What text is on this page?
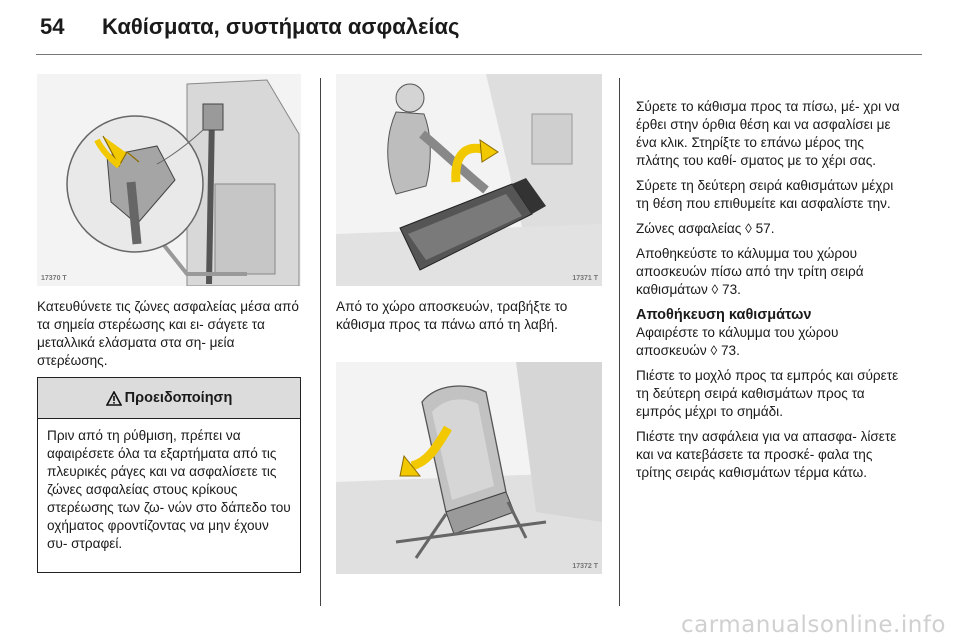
54	Καθίσματα, συστήματα ασφαλείας
17370 T

Κατευθύνετε τις ζώνες ασφαλείας μέσα από τα σημεία στερέωσης και ει- σάγετε τα μεταλλικά ελάσματα στα ση- μεία στερέωσης.

Προειδοποίηση
Πριν από τη ρύθμιση, πρέπει να αφαιρέσετε όλα τα εξαρτήματα από τις πλευρικές ράγες και να ασφαλίσετε τις ζώνες ασφαλείας στους κρίκους στερέωσης των ζω- νών στο δάπεδο του οχήματος φροντίζοντας να μην έχουν συ- στραφεί.
17371 T

Από το χώρο αποσκευών, τραβήξτε το κάθισμα προς τα πάνω από τη λαβή.

17372 T

Σύρετε το κάθισμα προς τα πίσω, μέ- χρι να έρθει στην όρθια θέση και να ασφαλίσει με ένα κλικ. Στηρίξτε το επάνω μέρος της πλάτης του καθί- σματος με το χέρι σας.

Σύρετε τη δεύτερη σειρά καθισμάτων μέχρι τη θέση που επιθυμείτε και ασφαλίστε την.

Ζώνες ασφαλείας ◊ 57.

Αποθηκεύστε το κάλυμμα του χώρου αποσκευών πίσω από την τρίτη σειρά καθισμάτων ◊ 73.

Αποθήκευση καθισμάτων

Αφαιρέστε το κάλυμμα του χώρου αποσκευών ◊ 73.

Πιέστε το μοχλό προς τα εμπρός και σύρετε τη δεύτερη σειρά καθισμάτων προς τα εμπρός μέχρι το σημάδι.

Πιέστε την ασφάλεια για να απασφα- λίσετε και να κατεβάσετε τα προσκέ- φαλα της τρίτης σειράς καθισμάτων τέρμα κάτω.

carmanualsonline.info
